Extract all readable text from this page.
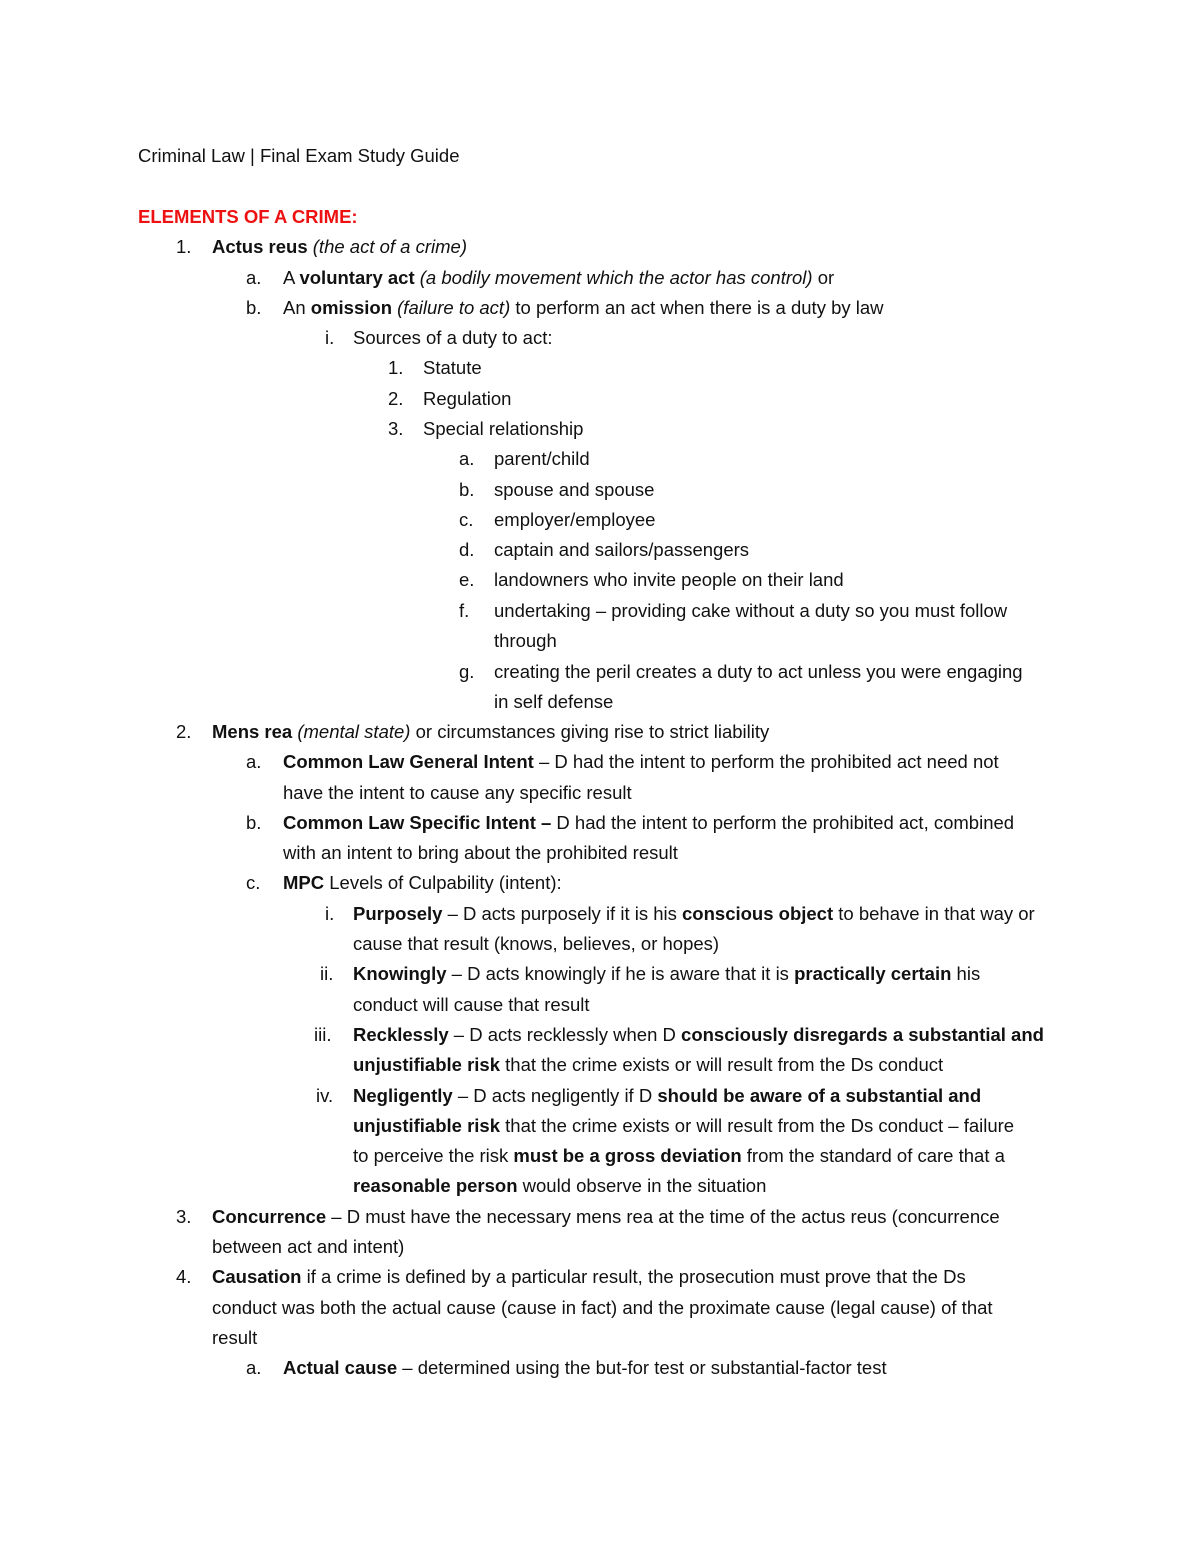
Criminal Law | Final Exam Study Guide
ELEMENTS OF A CRIME:
1.	Actus reus (the act of a crime)
a.	A voluntary act (a bodily movement which the actor has control) or
b.	An omission (failure to act) to perform an act when there is a duty by law
i.	Sources of a duty to act:
1.	Statute
2.	Regulation
3.	Special relationship
a.	parent/child
b.	spouse and spouse
c.	employer/employee
d.	captain and sailors/passengers
e.	landowners who invite people on their land
f.	undertaking – providing cake without a duty so you must follow
through
g.	creating the peril creates a duty to act unless you were engaging
in self defense
2.	Mens rea (mental state) or circumstances giving rise to strict liability
a.	Common Law General Intent – D had the intent to perform the prohibited act need not
have the intent to cause any specific result
b.	Common Law Specific Intent – D had the intent to perform the prohibited act, combined
with an intent to bring about the prohibited result
c.	MPC Levels of Culpability (intent):
i.	Purposely – D acts purposely if it is his conscious object to behave in that way or
cause that result (knows, believes, or hopes)
ii.	Knowingly – D acts knowingly if he is aware that it is practically certain his
conduct will cause that result
iii.	Recklessly – D acts recklessly when D consciously disregards a substantial and
unjustifiable risk that the crime exists or will result from the Ds conduct
iv.	Negligently – D acts negligently if D should be aware of a substantial and
unjustifiable risk that the crime exists or will result from the Ds conduct – failure
to perceive the risk must be a gross deviation from the standard of care that a
reasonable person would observe in the situation
3.	Concurrence – D must have the necessary mens rea at the time of the actus reus (concurrence
between act and intent)
4.	Causation if a crime is defined by a particular result, the prosecution must prove that the Ds
conduct was both the actual cause (cause in fact) and the proximate cause (legal cause) of that
result
a.	Actual cause – determined using the but-for test or substantial-factor test
